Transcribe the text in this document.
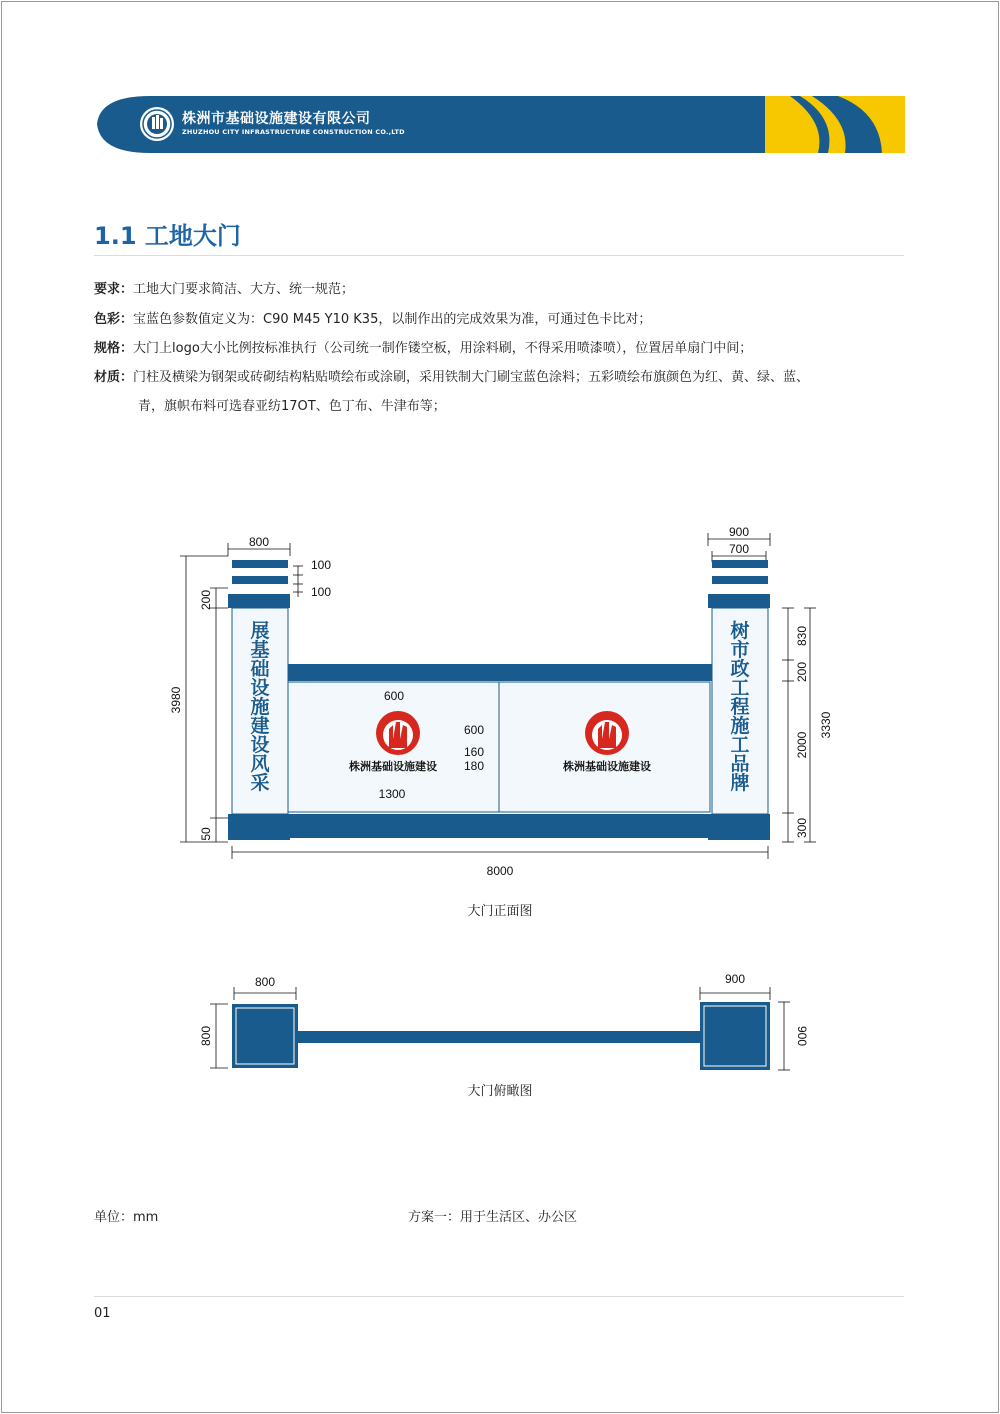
株洲市基础设施建设有限公司
ZHUZHOU CITY INFRASTRUCTURE CONSTRUCTION CO.,LTD
1.1 工地大门
要求：工地大门要求简洁、大方、统一规范；
色彩：宝蓝色参数值定义为：C90 M45 Y10 K35，以制作出的完成效果为准，可通过色卡比对；
规格：大门上logo大小比例按标准执行（公司统一制作镂空板，用涂料刷，不得采用喷漆喷），位置居单扇门中间；
材质：门柱及横梁为钢架或砖砌结构粘贴喷绘布或涂刷，采用铁制大门刷宝蓝色涂料；五彩喷绘布旗颜色为红、黄、绿、蓝、
青，旗帜布料可选春亚纺17OT、色丁布、牛津布等；
展
基
础
设
施
建
设
风
采
树
市
政
工
程
施
工
品
牌
株洲基础设施建设	株洲基础设施建设
800
900
700
100
100
600
600
160
180
1300
8000
3980
200
50
830
200
2000
300
3330
大门正面图
800	900
800	900
大门俯瞰图
单位：mm	方案一：用于生活区、办公区
01
